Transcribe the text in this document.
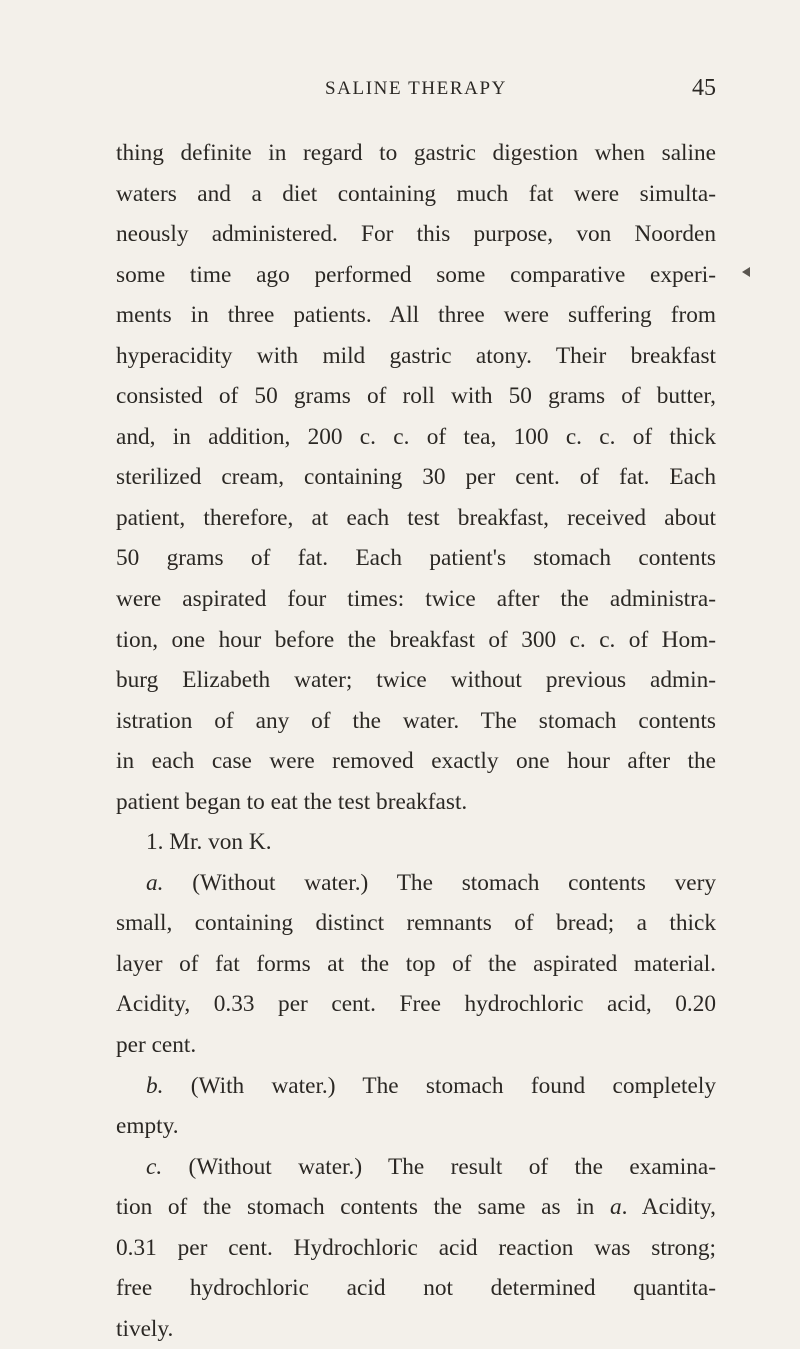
SALINE THERAPY	45
thing definite in regard to gastric digestion when saline
waters and a diet containing much fat were simulta-
neously administered. For this purpose, von Noorden
some time ago performed some comparative experi-
ments in three patients. All three were suffering from
hyperacidity with mild gastric atony. Their breakfast
consisted of 50 grams of roll with 50 grams of butter,
and, in addition, 200 c. c. of tea, 100 c. c. of thick
sterilized cream, containing 30 per cent. of fat. Each
patient, therefore, at each test breakfast, received about
50 grams of fat. Each patient's stomach contents
were aspirated four times: twice after the administra-
tion, one hour before the breakfast of 300 c. c. of Hom-
burg Elizabeth water; twice without previous admin-
istration of any of the water. The stomach contents
in each case were removed exactly one hour after the
patient began to eat the test breakfast.
1. Mr. von K.
a. (Without water.) The stomach contents very
small, containing distinct remnants of bread; a thick
layer of fat forms at the top of the aspirated material.
Acidity, 0.33 per cent. Free hydrochloric acid, 0.20
per cent.
b. (With water.) The stomach found completely
empty.
c. (Without water.) The result of the examina-
tion of the stomach contents the same as in a. Acidity,
0.31 per cent. Hydrochloric acid reaction was strong;
free hydrochloric acid not determined quantita-
tively.
